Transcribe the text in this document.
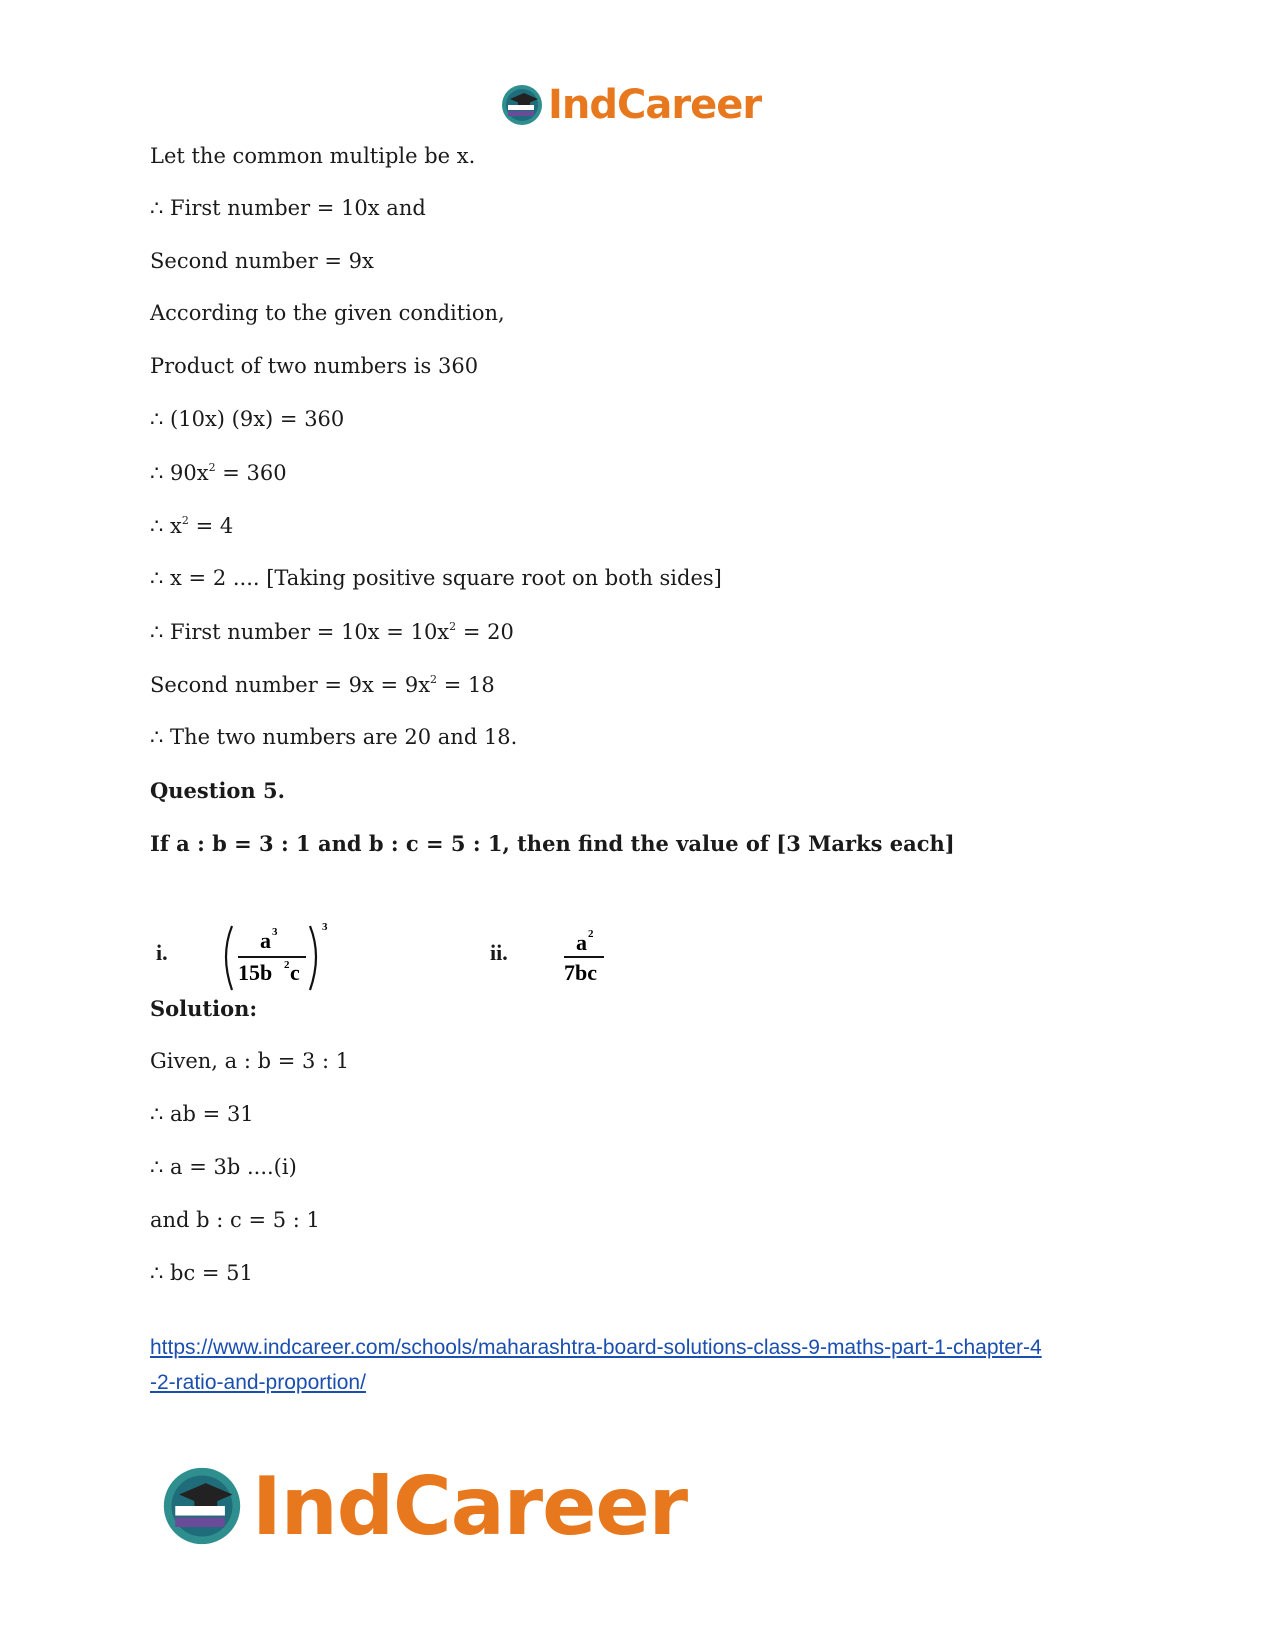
IndCareer
Let the common multiple be x.
∴ First number = 10x and
Second number = 9x
According to the given condition,
Product of two numbers is 360
∴ (10x) (9x) = 360
∴ $90x^2 = 360$
∴ $x^2 = 4$
∴ x = 2 .... [Taking positive square root on both sides]
∴ First number = $10x = 10x^2 = 20$
Second number = $9x = 9x^2 = 18$
∴ The two numbers are 20 and 18.
Question 5.
If a : b = 3 : 1 and b : c = 5 : 1, then find the value of [3 Marks each]
i.	a 3
15b 2 c
3
ii.	a 2
7bc
Solution:
Given, a : b = 3 : 1
∴ ab = 31
∴ a = 3b ....(i)
and b : c = 5 : 1
∴ bc = 51
https://www.indcareer.com/schools/maharashtra-board-solutions-class-9-maths-part-1-chapter-4
-2-ratio-and-proportion/
IndCareer
